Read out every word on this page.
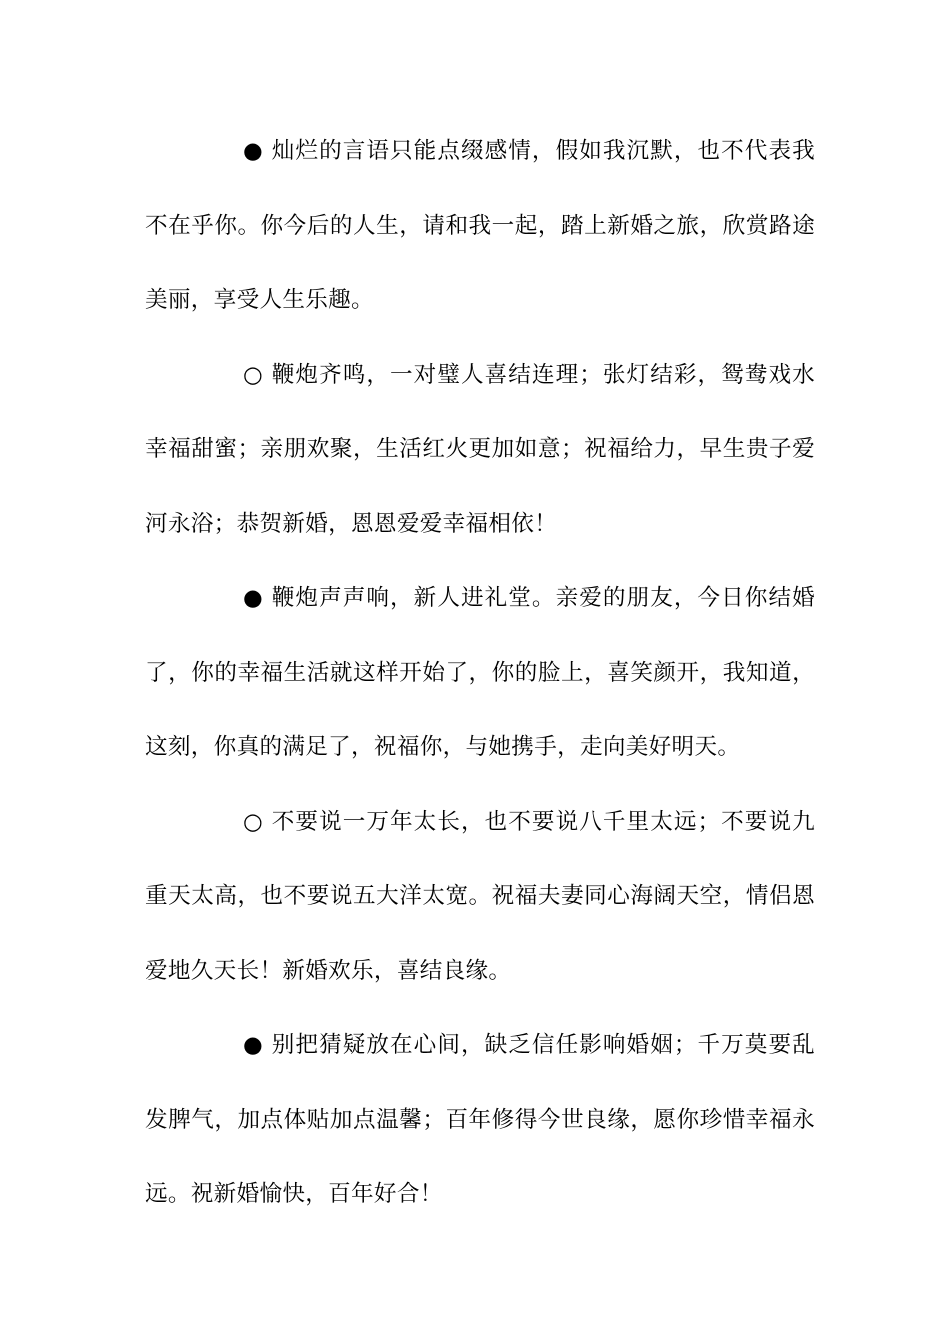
● 灿烂的言语只能点缀感情，假如我沉默，也不代表我不在乎你。你今后的人生，请和我一起，踏上新婚之旅，欣赏路途美丽，享受人生乐趣。

○ 鞭炮齐鸣，一对璧人喜结连理；张灯结彩，鸳鸯戏水幸福甜蜜；亲朋欢聚，生活红火更加如意；祝福给力，早生贵子爱河永浴；恭贺新婚，恩恩爱爱幸福相依！

● 鞭炮声声响，新人进礼堂。亲爱的朋友，今日你结婚了，你的幸福生活就这样开始了，你的脸上，喜笑颜开，我知道，这刻，你真的满足了，祝福你，与她携手，走向美好明天。

○ 不要说一万年太长，也不要说八千里太远；不要说九重天太高，也不要说五大洋太宽。祝福夫妻同心海阔天空，情侣恩爱地久天长！新婚欢乐，喜结良缘。

● 别把猜疑放在心间，缺乏信任影响婚姻；千万莫要乱发脾气，加点体贴加点温馨；百年修得今世良缘，愿你珍惜幸福永远。祝新婚愉快，百年好合！
